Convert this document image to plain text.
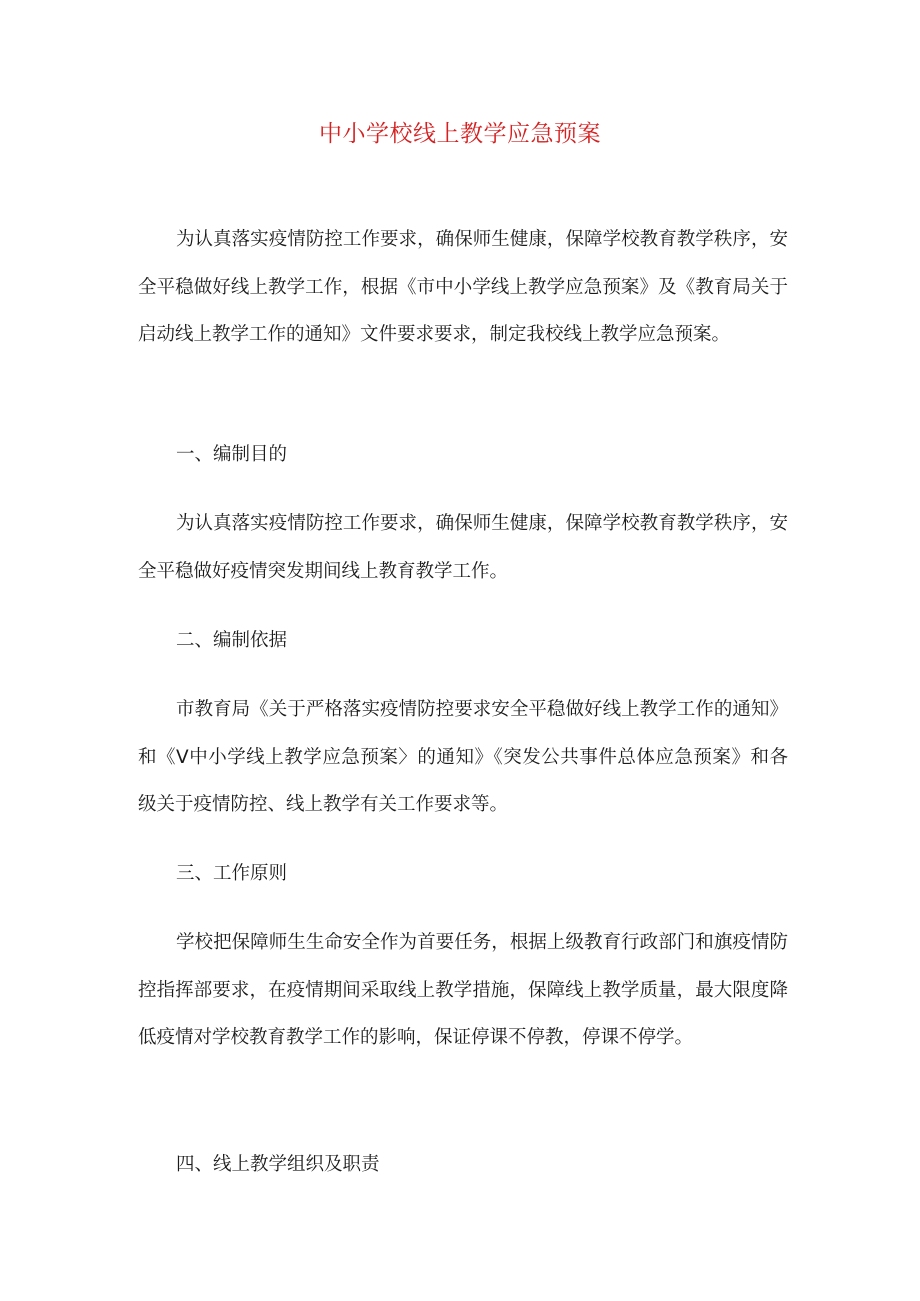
中小学校线上教学应急预案

为认真落实疫情防控工作要求，确保师生健康，保障学校教育教学秩序，安全平稳做好线上教学工作，根据《市中小学线上教学应急预案》及《教育局关于启动线上教学工作的通知》文件要求要求，制定我校线上教学应急预案。

一、编制目的

为认真落实疫情防控工作要求，确保师生健康，保障学校教育教学秩序，安全平稳做好疫情突发期间线上教育教学工作。

二、编制依据

市教育局《关于严格落实疫情防控要求安全平稳做好线上教学工作的通知》和《V中小学线上教学应急预案〉的通知》《突发公共事件总体应急预案》和各级关于疫情防控、线上教学有关工作要求等。

三、工作原则

学校把保障师生生命安全作为首要任务，根据上级教育行政部门和旗疫情防控指挥部要求，在疫情期间采取线上教学措施，保障线上教学质量，最大限度降低疫情对学校教育教学工作的影响，保证停课不停教，停课不停学。

四、线上教学组织及职责
